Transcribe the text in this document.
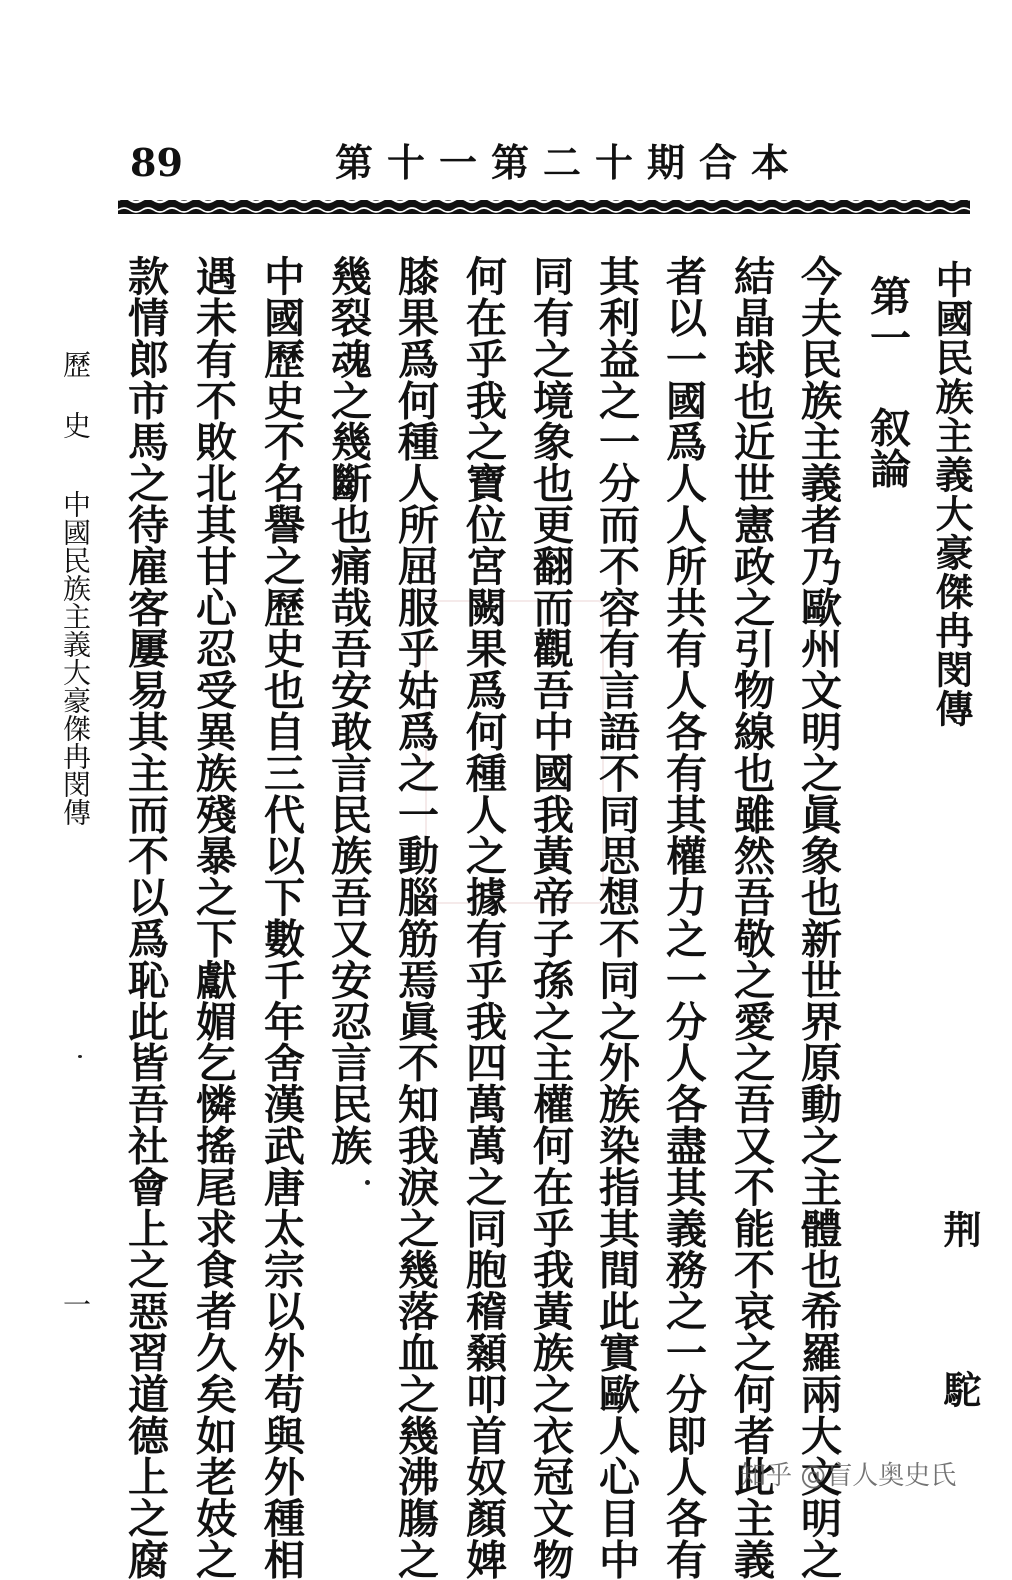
89	第十一第二十期合本
中國民族主義大豪傑冉閔傳
荆
駝
第一 叙論
今夫民族主義者乃歐州文明之眞象也新世界原動之主體也希羅兩大文明之
結晶球也近世憲政之引物線也雖然吾敬之愛之吾又不能不哀之何者此主義
者以一國爲人人所共有人各有其權力之一分人各盡其義務之一分即人各有
其利益之一分而不容有言語不同思想不同之外族染指其間此實歐人心目中
同有之境象也更翻而觀吾中國我黃帝子孫之主權何在乎我黃族之衣冠文物
何在乎我之寶位宮闕果爲何種人之據有乎我四萬萬之同胞稽顙叩首奴顏婢
膝果爲何種人所屈服乎姑爲之一動腦筋焉眞不知我淚之幾落血之幾沸膓之
幾裂魂之幾斷也痛哉吾安敢言民族吾又安忍言民族
中國歷史不名譽之歷史也自三代以下數千年舍漢武唐太宗以外苟與外種相
遇未有不敗北其甘心忍受異族殘暴之下獻媚乞憐搖尾求食者久矣如老妓之
款情郎市馬之待雇客屢易其主而不以爲恥此皆吾社會上之惡習道德上之腐
歷 史
中國民族主義大豪傑冉閔傳
一
知乎 @盲人奥史氏
